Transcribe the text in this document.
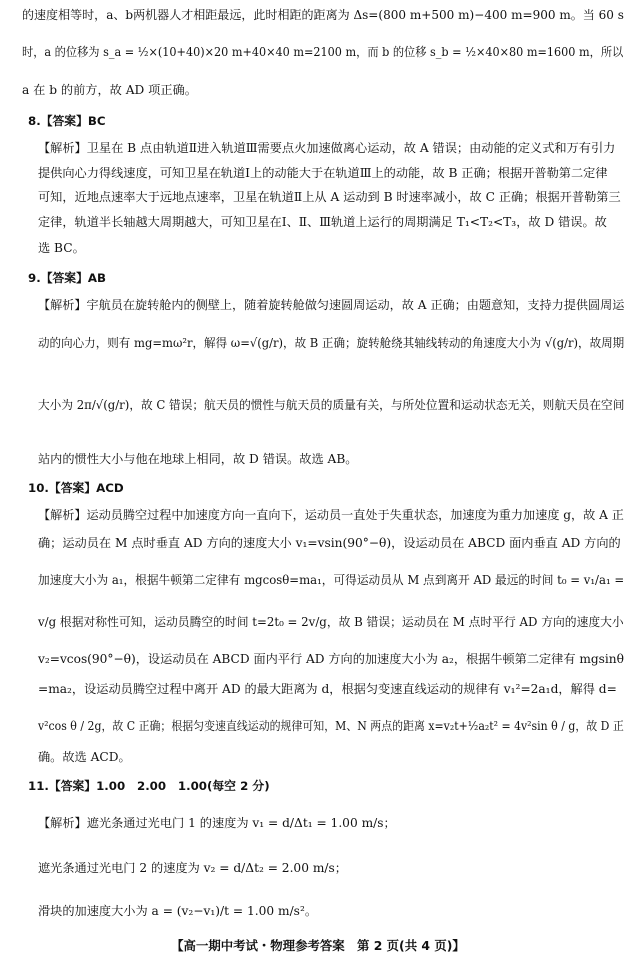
的速度相等时，a、b两机器人才相距最远，此时相距的距离为 Δs=(800 m+500 m)−400 m=900 m。当 60 s
时，a 的位移为 s_a = ½×(10+40)×20 m+40×40 m=2100 m，而 b 的位移 s_b = ½×40×80 m=1600 m，所以
a 在 b 的前方，故 AD 项正确。
8.【答案】BC
【解析】卫星在 B 点由轨道Ⅱ进入轨道Ⅲ需要点火加速做离心运动，故 A 错误；由动能的定义式和万有引力
提供向心力得线速度，可知卫星在轨道Ⅰ上的动能大于在轨道Ⅲ上的动能，故 B 正确；根据开普勒第二定律
可知，近地点速率大于远地点速率，卫星在轨道Ⅱ上从 A 运动到 B 时速率减小，故 C 正确；根据开普勒第三
定律，轨道半长轴越大周期越大，可知卫星在Ⅰ、Ⅱ、Ⅲ轨道上运行的周期满足 T₁<T₂<T₃，故 D 错误。故
选 BC。
9.【答案】AB
【解析】宇航员在旋转舱内的侧壁上，随着旋转舱做匀速圆周运动，故 A 正确；由题意知，支持力提供圆周运
动的向心力，则有 mg=mω²r，解得 ω=√(g/r)，故 B 正确；旋转舱绕其轴线转动的角速度大小为 √(g/r)，故周期
大小为 2π/√(g/r)，故 C 错误；航天员的惯性与航天员的质量有关，与所处位置和运动状态无关，则航天员在空间
站内的惯性大小与他在地球上相同，故 D 错误。故选 AB。
10.【答案】ACD
【解析】运动员腾空过程中加速度方向一直向下，运动员一直处于失重状态，加速度为重力加速度 g，故 A 正
确；运动员在 M 点时垂直 AD 方向的速度大小 v₁=vsin(90°−θ)，设运动员在 ABCD 面内垂直 AD 方向的
加速度大小为 a₁，根据牛顿第二定律有 mgcosθ=ma₁，可得运动员从 M 点到离开 AD 最远的时间 t₀ = v₁/a₁ =
v/g 根据对称性可知，运动员腾空的时间 t=2t₀ = 2v/g，故 B 错误；运动员在 M 点时平行 AD 方向的速度大小
v₂=vcos(90°−θ)，设运动员在 ABCD 面内平行 AD 方向的加速度大小为 a₂，根据牛顿第二定律有 mgsinθ
=ma₂，设运动员腾空过程中离开 AD 的最大距离为 d，根据匀变速直线运动的规律有 v₁²=2a₁d，解得 d=
v²cos θ / 2g，故 C 正确；根据匀变速直线运动的规律可知，M、N 两点的距离 x=v₂t+½a₂t² = 4v²sin θ / g，故 D 正
确。故选 ACD。
11.【答案】1.00　2.00　1.00(每空 2 分)
【解析】遮光条通过光电门 1 的速度为 v₁ = d/Δt₁ = 1.00 m/s；
遮光条通过光电门 2 的速度为 v₂ = d/Δt₂ = 2.00 m/s；
滑块的加速度大小为 a = (v₂−v₁)/t = 1.00 m/s²。
【高一期中考试・物理参考答案　第 2 页(共 4 页)】
